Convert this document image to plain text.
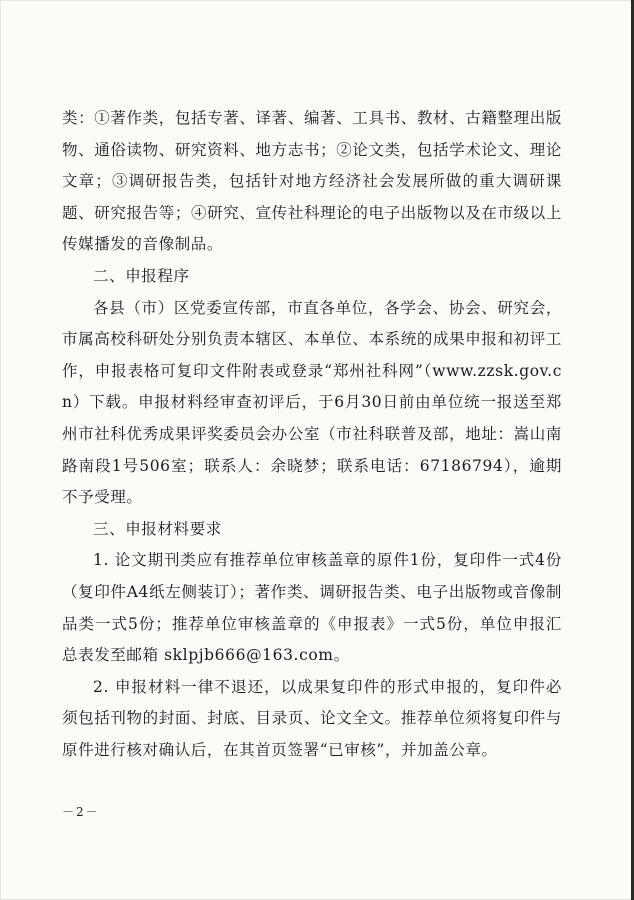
类：①著作类，包括专著、译著、编著、工具书、教材、古籍整理出版物、通俗读物、研究资料、地方志书；②论文类，包括学术论文、理论文章；③调研报告类，包括针对地方经济社会发展所做的重大调研课题、研究报告等；④研究、宣传社科理论的电子出版物以及在市级以上传媒播发的音像制品。

二、申报程序

各县（市）区党委宣传部，市直各单位，各学会、协会、研究会，市属高校科研处分别负责本辖区、本单位、本系统的成果申报和初评工作，申报表格可复印文件附表或登录“郑州社科网”（www.zzsk.gov.cn）下载。申报材料经审查初评后，于6月30日前由单位统一报送至郑州市社科优秀成果评奖委员会办公室（市社科联普及部，地址：嵩山南路南段1号506室；联系人：余晓梦；联系电话：67186794），逾期不予受理。

三、申报材料要求

1. 论文期刊类应有推荐单位审核盖章的原件1份，复印件一式4份（复印件A4纸左侧装订）；著作类、调研报告类、电子出版物或音像制品类一式5份；推荐单位审核盖章的《申报表》一式5份，单位申报汇总表发至邮箱 sklpjb666@163.com。

2. 申报材料一律不退还，以成果复印件的形式申报的，复印件必须包括刊物的封面、封底、目录页、论文全文。推荐单位须将复印件与原件进行核对确认后，在其首页签署“已审核”，并加盖公章。

－2－
